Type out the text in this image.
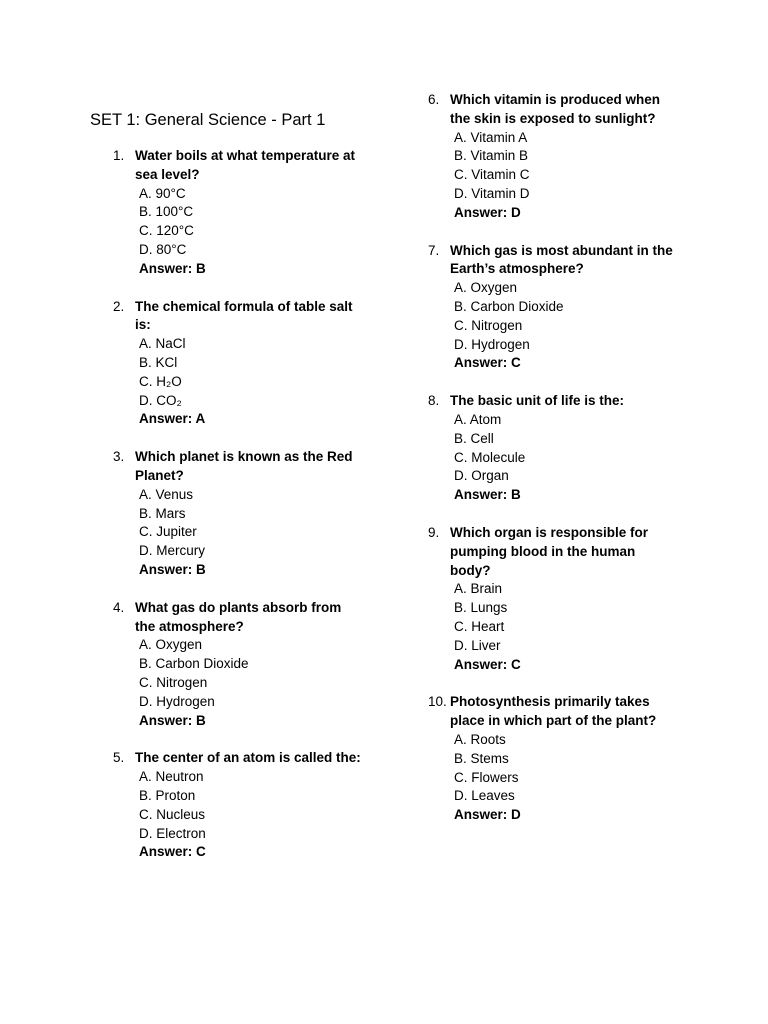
SET 1: General Science - Part 1
1. Water boils at what temperature at sea level?
A. 90°C
B. 100°C
C. 120°C
D. 80°C
Answer: B
2. The chemical formula of table salt is:
A. NaCl
B. KCl
C. H₂O
D. CO₂
Answer: A
3. Which planet is known as the Red Planet?
A. Venus
B. Mars
C. Jupiter
D. Mercury
Answer: B
4. What gas do plants absorb from the atmosphere?
A. Oxygen
B. Carbon Dioxide
C. Nitrogen
D. Hydrogen
Answer: B
5. The center of an atom is called the:
A. Neutron
B. Proton
C. Nucleus
D. Electron
Answer: C
6. Which vitamin is produced when the skin is exposed to sunlight?
A. Vitamin A
B. Vitamin B
C. Vitamin C
D. Vitamin D
Answer: D
7. Which gas is most abundant in the Earth’s atmosphere?
A. Oxygen
B. Carbon Dioxide
C. Nitrogen
D. Hydrogen
Answer: C
8. The basic unit of life is the:
A. Atom
B. Cell
C. Molecule
D. Organ
Answer: B
9. Which organ is responsible for pumping blood in the human body?
A. Brain
B. Lungs
C. Heart
D. Liver
Answer: C
10. Photosynthesis primarily takes place in which part of the plant?
A. Roots
B. Stems
C. Flowers
D. Leaves
Answer: D
